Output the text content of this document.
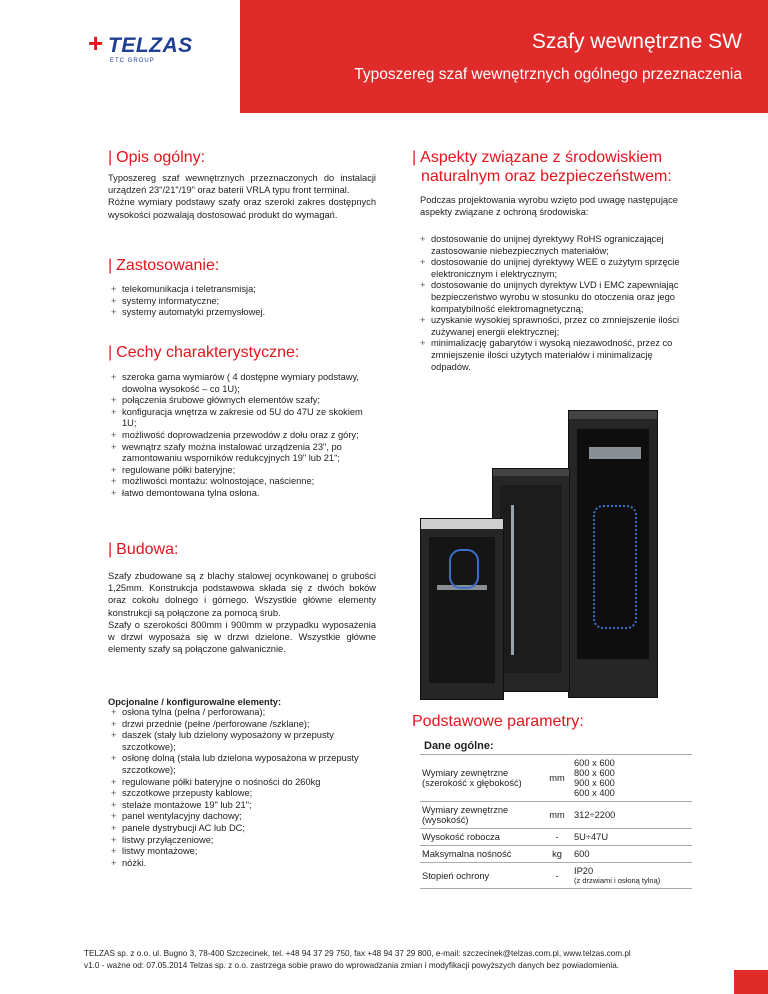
+ TELZAS
ETC GROUP
Szafy wewnętrzne SW
Typoszereg szaf wewnętrznych ogólnego przeznaczenia
| Opis ogólny:
Typoszereg szaf wewnętrznych przeznaczonych do instalacji urządzeń 23"/21"/19" oraz baterii VRLA typu front terminal.
Różne wymiary podstawy szafy oraz szeroki zakres dostępnych wysokości pozwalają dostosować produkt do wymagań.
| Zastosowanie:
+ telekomunikacja i teletransmisja;
+ systemy informatyczne;
+ systemy automatyki przemysłowej.
| Cechy charakterystyczne:
+ szeroka gama wymiarów ( 4 dostępne wymiary podstawy, dowolna wysokość – co 1U);
+ połączenia śrubowe głównych elementów szafy;
+ konfiguracja wnętrza w zakresie od 5U do 47U ze skokiem 1U;
+ możliwość doprowadzenia przewodów z dołu oraz z góry;
+ wewnątrz szafy można instalować urządzenia 23", po zamontowaniu wsporników redukcyjnych 19" lub 21";
+ regulowane półki bateryjne;
+ możliwości montażu: wolnostojące, naścienne;
+ łatwo demontowana tylna osłona.
| Aspekty związane z środowiskiem
naturalnym oraz bezpieczeństwem:
Podczas projektowania wyrobu wzięto pod uwagę następujące aspekty związane z ochroną środowiska:
+ dostosowanie do unijnej dyrektywy RoHS ograniczającej zastosowanie niebezpiecznych materiałów;
+ dostosowanie do unijnej dyrektywy WEE o zużytym sprzęcie elektronicznym i elektrycznym;
+ dostosowanie do unijnych dyrektyw LVD i EMC zapewniając bezpieczeństwo wyrobu w stosunku do otoczenia oraz jego kompatybilność elektromagnetyczną;
+ uzyskanie wysokiej sprawności, przez co zmniejszenie ilości zużywanej energii elektrycznej;
+ minimalizację gabarytów i wysoką niezawodność, przez co zmniejszenie ilości użytych materiałów i minimalizację odpadów.
| Budowa:
Szafy zbudowane są z blachy stalowej ocynkowanej o grubości 1,25mm. Konstrukcja podstawowa składa się z dwóch boków oraz cokołu dolnego i górnego. Wszystkie główne elementy konstrukcji są połączone za pomocą śrub.
Szafy o szerokości 800mm i 900mm w przypadku wyposażenia w drzwi wyposaża się w drzwi dzielone. Wszystkie główne elementy szafy są połączone galwanicznie.
Opcjonalne / konfigurowalne elementy:
+ osłona tylna (pełna / perforowana);
+ drzwi przednie (pełne /perforowane /szklane);
+ daszek (stały lub dzielony wyposażony w przepusty szczotkowe);
+ osłonę dolną (stała lub dzielona wyposażona w przepusty szczotkowe);
+ regulowane półki bateryjne o nośności do 260kg
+ szczotkowe przepusty kablowe;
+ stelaże montażowe 19" lub 21";
+ panel wentylacyjny dachowy;
+ panele dystrybucji AC lub DC;
+ listwy przyłączeniowe;
+ listwy montażowe;
+ nóżki.
Podstawowe parametry:
Dane ogólne:
Wymiary zewnętrzne (szerokość x głębokość)	mm	600 x 600
800 x 600
900 x 600
600 x 400
Wymiary zewnętrzne (wysokość)	mm	312÷2200
Wysokość robocza	-	5U÷47U
Maksymalna nośność	kg	600
Stopień ochrony	-	IP20
(z drzwiami i osłoną tylną)
TELZAS sp. z o.o. ul. Bugno 3, 78-400 Szczecinek, tel. +48 94 37 29 750, fax +48 94 37 29 800, e-mail: szczecinek@telzas.com.pl, www.telzas.com.pl
v1.0 - ważne od: 07.05.2014 Telzas sp. z o.o. zastrzega sobie prawo do wprowadzania zmian i modyfikacji powyższych danych bez powiadomienia.
